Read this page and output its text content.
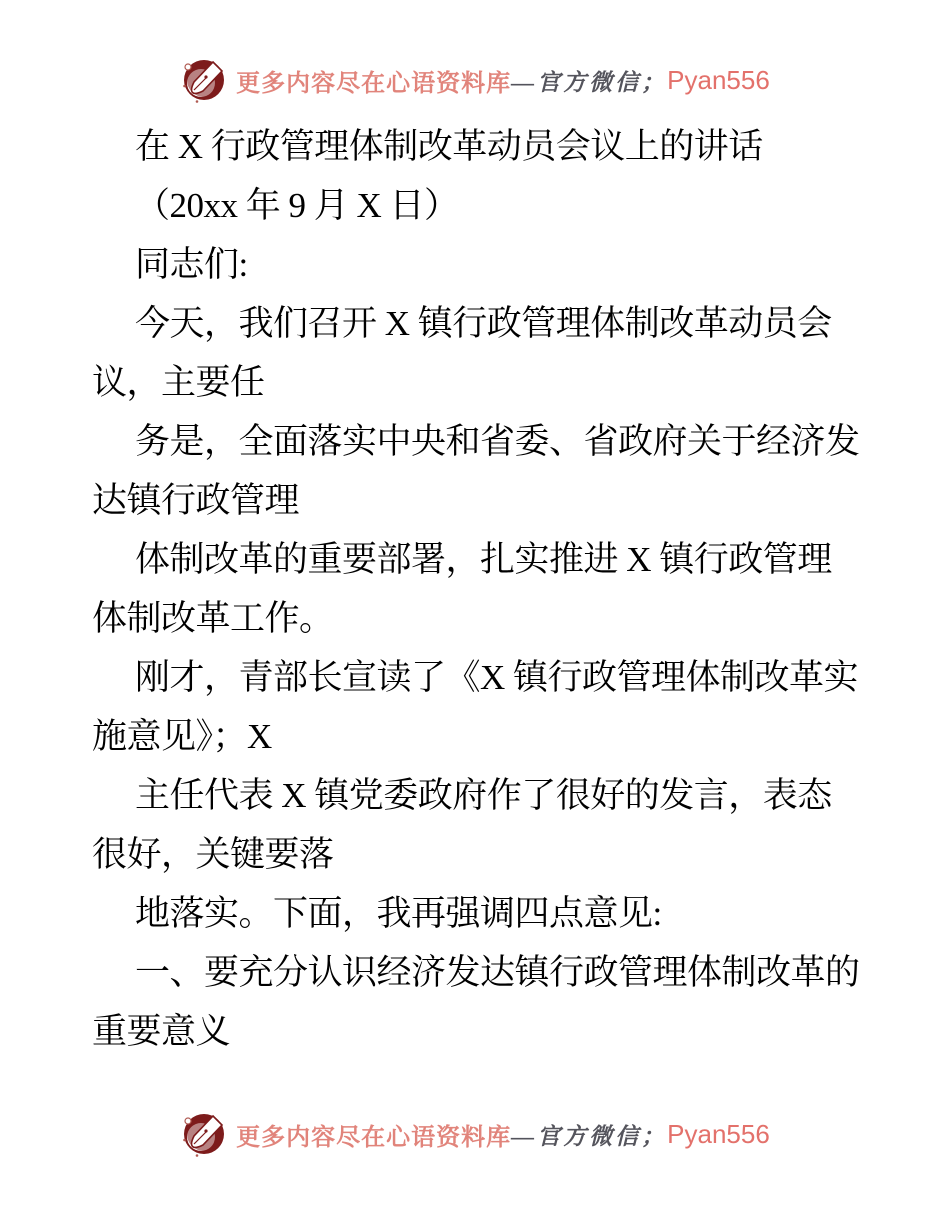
更多内容尽在心语资料库 —官方微信； Pyan556
在 X 行政管理体制改革动员会议上的讲话
（20xx 年 9 月 X 日）
同志们:
今天，我们召开 X 镇行政管理体制改革动员会
议，主要任
务是，全面落实中央和省委、省政府关于经济发
达镇行政管理
体制改革的重要部署，扎实推进 X 镇行政管理
体制改革工作。
刚才，青部长宣读了《X 镇行政管理体制改革实
施意见》；X
主任代表 X 镇党委政府作了很好的发言，表态
很好，关键要落
地落实。下面，我再强调四点意见:
一、要充分认识经济发达镇行政管理体制改革的
重要意义
更多内容尽在心语资料库 —官方微信； Pyan556
